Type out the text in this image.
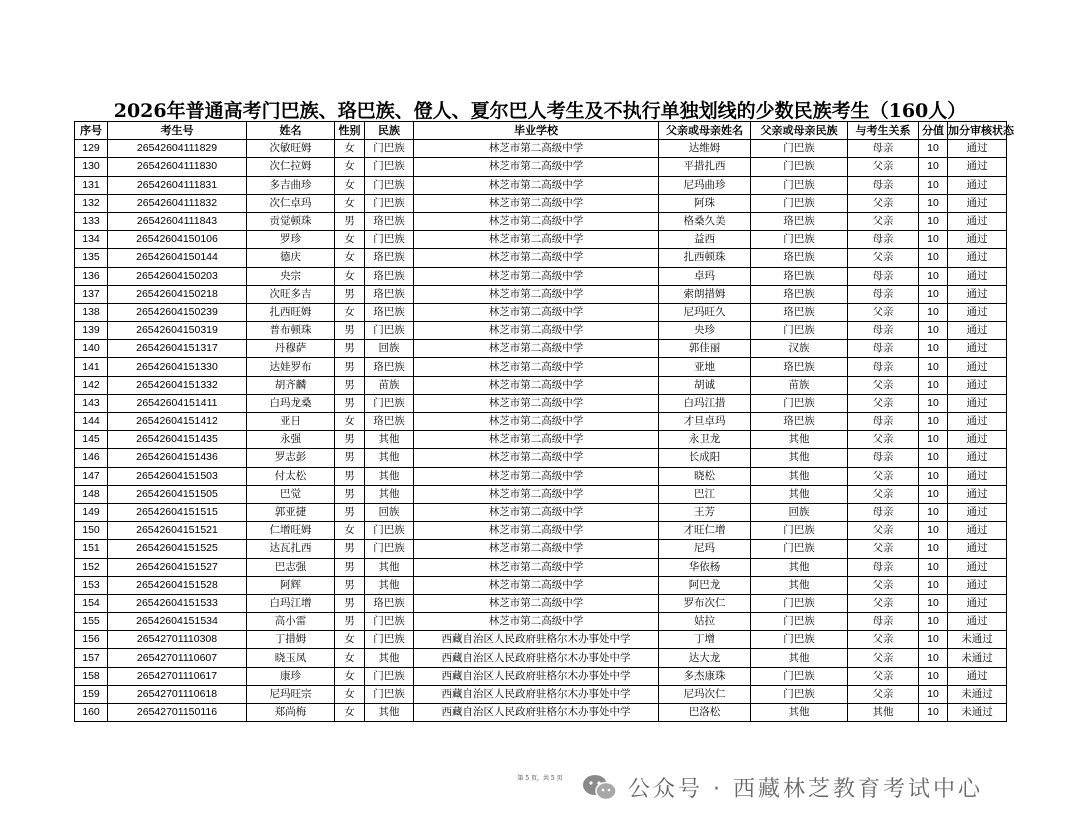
2026年普通高考门巴族、珞巴族、僜人、夏尔巴人考生及不执行单独划线的少数民族考生（160人）
序号	考生号	姓名	性别	民族	毕业学校	父亲或母亲姓名	父亲或母亲民族	与考生关系	分值	加分审核状态
129	26542604111829	次敏旺姆	女	门巴族	林芝市第二高级中学	达维姆	门巴族	母亲	10	通过
130	26542604111830	次仁拉姆	女	门巴族	林芝市第二高级中学	平措扎西	门巴族	父亲	10	通过
131	26542604111831	多吉曲珍	女	门巴族	林芝市第二高级中学	尼玛曲珍	门巴族	母亲	10	通过
132	26542604111832	次仁卓玛	女	门巴族	林芝市第二高级中学	阿珠	门巴族	父亲	10	通过
133	26542604111843	贡觉顿珠	男	珞巴族	林芝市第二高级中学	格桑久美	珞巴族	父亲	10	通过
134	26542604150106	罗珍	女	门巴族	林芝市第二高级中学	益西	门巴族	母亲	10	通过
135	26542604150144	德庆	女	珞巴族	林芝市第二高级中学	扎西顿珠	珞巴族	父亲	10	通过
136	26542604150203	央宗	女	珞巴族	林芝市第二高级中学	卓玛	珞巴族	母亲	10	通过
137	26542604150218	次旺多吉	男	珞巴族	林芝市第二高级中学	索朗措姆	珞巴族	母亲	10	通过
138	26542604150239	扎西旺姆	女	珞巴族	林芝市第二高级中学	尼玛旺久	珞巴族	父亲	10	通过
139	26542604150319	普布顿珠	男	门巴族	林芝市第二高级中学	央珍	门巴族	母亲	10	通过
140	26542604151317	丹穆萨	男	回族	林芝市第二高级中学	郭佳丽	汉族	母亲	10	通过
141	26542604151330	达娃罗布	男	珞巴族	林芝市第二高级中学	亚地	珞巴族	母亲	10	通过
142	26542604151332	胡齐麟	男	苗族	林芝市第二高级中学	胡诚	苗族	父亲	10	通过
143	26542604151411	白玛龙桑	男	门巴族	林芝市第二高级中学	白玛江措	门巴族	父亲	10	通过
144	26542604151412	亚日	女	珞巴族	林芝市第二高级中学	才旦卓玛	珞巴族	母亲	10	通过
145	26542604151435	永强	男	其他	林芝市第二高级中学	永卫龙	其他	父亲	10	通过
146	26542604151436	罗志彭	男	其他	林芝市第二高级中学	长成阳	其他	母亲	10	通过
147	26542604151503	付太松	男	其他	林芝市第二高级中学	晓松	其他	父亲	10	通过
148	26542604151505	巴觉	男	其他	林芝市第二高级中学	巴江	其他	父亲	10	通过
149	26542604151515	郭亚捷	男	回族	林芝市第二高级中学	王芳	回族	母亲	10	通过
150	26542604151521	仁增旺姆	女	门巴族	林芝市第二高级中学	才旺仁增	门巴族	父亲	10	通过
151	26542604151525	达瓦扎西	男	门巴族	林芝市第二高级中学	尼玛	门巴族	父亲	10	通过
152	26542604151527	巴志强	男	其他	林芝市第二高级中学	华依杨	其他	母亲	10	通过
153	26542604151528	阿辉	男	其他	林芝市第二高级中学	阿巴龙	其他	父亲	10	通过
154	26542604151533	白玛江增	男	珞巴族	林芝市第二高级中学	罗布次仁	门巴族	父亲	10	通过
155	26542604151534	高小雷	男	门巴族	林芝市第二高级中学	姑拉	门巴族	母亲	10	通过
156	26542701110308	丁措姆	女	门巴族	西藏自治区人民政府驻格尔木办事处中学	丁增	门巴族	父亲	10	未通过
157	26542701110607	晓玉凤	女	其他	西藏自治区人民政府驻格尔木办事处中学	达大龙	其他	父亲	10	未通过
158	26542701110617	康珍	女	门巴族	西藏自治区人民政府驻格尔木办事处中学	多杰康珠	门巴族	父亲	10	通过
159	26542701110618	尼玛旺宗	女	门巴族	西藏自治区人民政府驻格尔木办事处中学	尼玛次仁	门巴族	父亲	10	未通过
160	26542701150116	郑尚梅	女	其他	西藏自治区人民政府驻格尔木办事处中学	巴洛松	其他	其他	10	未通过
第 5 页，共 5 页	公众号 · 西藏林芝教育考试中心
